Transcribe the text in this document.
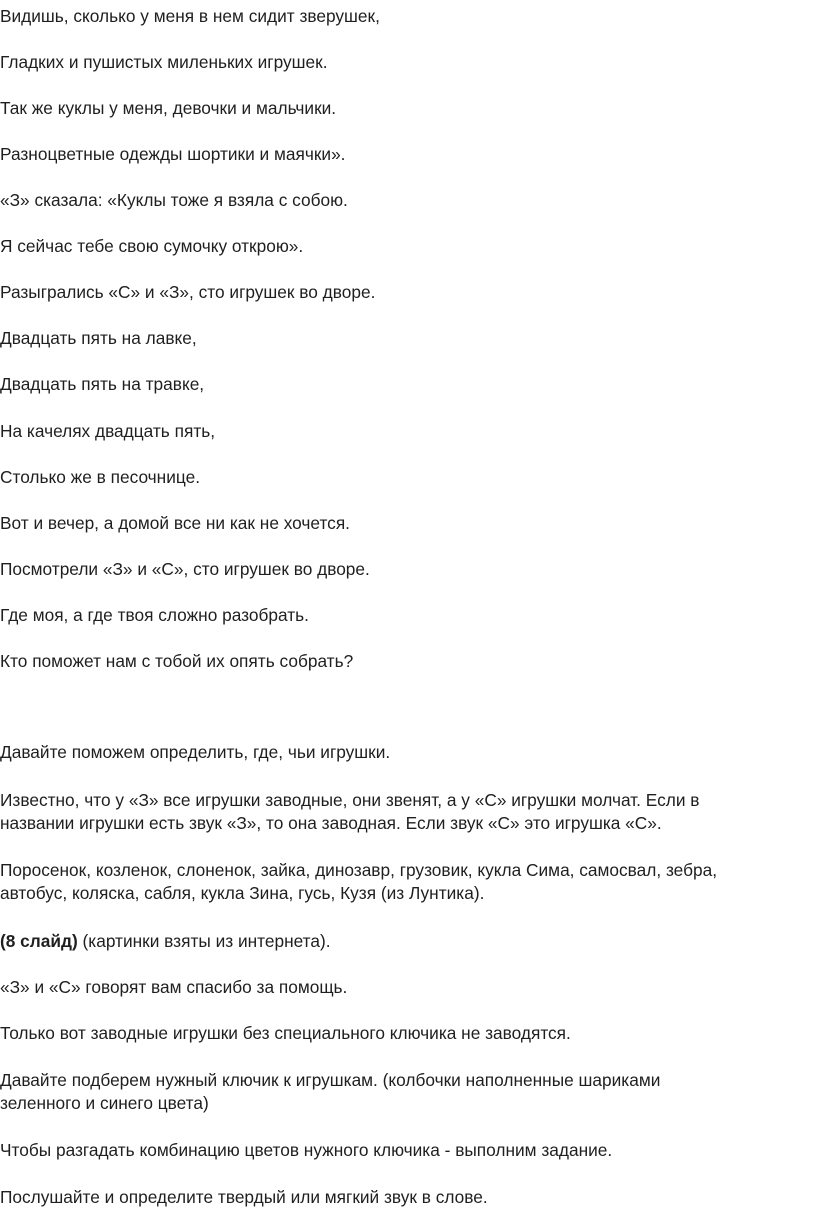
Видишь, сколько у меня в нем сидит зверушек,

Гладких и пушистых миленьких игрушек.

Так же куклы у меня, девочки и мальчики.

Разноцветные одежды шортики и маячки».

«З» сказала: «Куклы тоже я взяла с собою.

Я сейчас тебе свою сумочку открою».

Разыгрались «С» и «З», сто игрушек во дворе.

Двадцать пять на лавке,

Двадцать пять на травке,

На качелях двадцать пять,

Столько же в песочнице.

Вот и вечер, а домой все ни как не хочется.

Посмотрели «З» и «С», сто игрушек во дворе.

Где моя, а где твоя сложно разобрать.

Кто поможет нам с тобой их опять собрать?

Давайте поможем определить, где, чьи игрушки.

Известно, что у «З» все игрушки заводные, они звенят, а у «С» игрушки молчат. Если в

названии игрушки есть звук «З», то она заводная. Если звук «С» это игрушка «С».

Поросенок, козленок, слоненок, зайка, динозавр, грузовик, кукла Сима, самосвал, зебра,

автобус, коляска, сабля, кукла Зина, гусь, Кузя (из Лунтика).

(8 слайд) (картинки взяты из интернета).

«З» и «С» говорят вам спасибо за помощь.

Только вот заводные игрушки без специального ключика не заводятся.

Давайте подберем нужный ключик к игрушкам. (колбочки наполненные шариками

зеленного и синего цвета)

Чтобы разгадать комбинацию цветов нужного ключика - выполним задание.

Послушайте и определите твердый или мягкий звук в слове.
